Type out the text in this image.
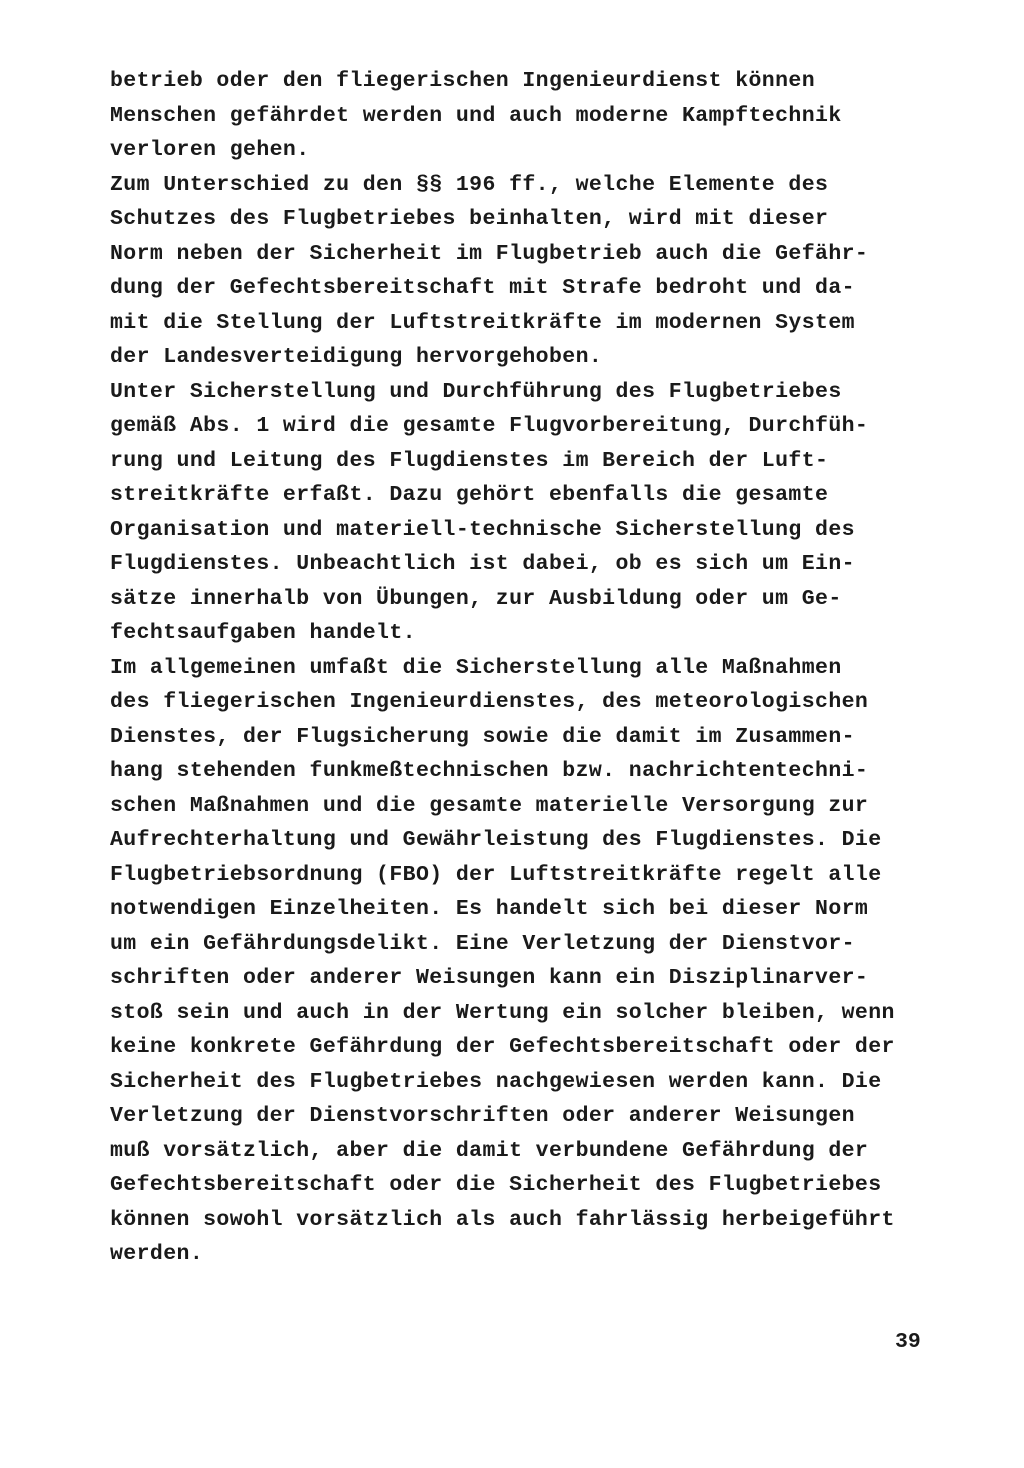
betrieb oder den fliegerischen Ingenieurdienst können
Menschen gefährdet werden und auch moderne Kampftechnik
verloren gehen.
Zum Unterschied zu den §§ 196 ff., welche Elemente des
Schutzes des Flugbetriebes beinhalten, wird mit dieser
Norm neben der Sicherheit im Flugbetrieb auch die Gefähr-
dung der Gefechtsbereitschaft mit Strafe bedroht und da-
mit die Stellung der Luftstreitkräfte im modernen System
der Landesverteidigung hervorgehoben.
Unter Sicherstellung und Durchführung des Flugbetriebes
gemäß Abs. 1 wird die gesamte Flugvorbereitung, Durchfüh-
rung und Leitung des Flugdienstes im Bereich der Luft-
streitkräfte erfaßt. Dazu gehört ebenfalls die gesamte
Organisation und materiell-technische Sicherstellung des
Flugdienstes. Unbeachtlich ist dabei, ob es sich um Ein-
sätze innerhalb von Übungen, zur Ausbildung oder um Ge-
fechtsaufgaben handelt.
Im allgemeinen umfaßt die Sicherstellung alle Maßnahmen
des fliegerischen Ingenieurdienstes, des meteorologischen
Dienstes, der Flugsicherung sowie die damit im Zusammen-
hang stehenden funkmeßtechnischen bzw. nachrichtentechni-
schen Maßnahmen und die gesamte materielle Versorgung zur
Aufrechterhaltung und Gewährleistung des Flugdienstes. Die
Flugbetriebsordnung (FBO) der Luftstreitkräfte regelt alle
notwendigen Einzelheiten. Es handelt sich bei dieser Norm
um ein Gefährdungsdelikt. Eine Verletzung der Dienstvor-
schriften oder anderer Weisungen kann ein Disziplinarver-
stoß sein und auch in der Wertung ein solcher bleiben, wenn
keine konkrete Gefährdung der Gefechtsbereitschaft oder der
Sicherheit des Flugbetriebes nachgewiesen werden kann. Die
Verletzung der Dienstvorschriften oder anderer Weisungen
muß vorsätzlich, aber die damit verbundene Gefährdung der
Gefechtsbereitschaft oder die Sicherheit des Flugbetriebes
können sowohl vorsätzlich als auch fahrlässig herbeigeführt
werden.
39
